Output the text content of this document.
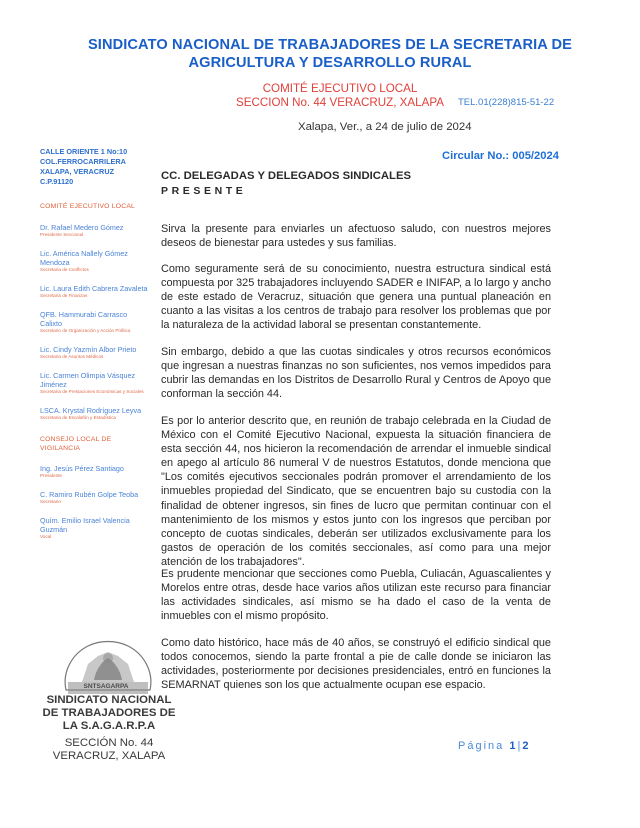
SINDICATO NACIONAL DE TRABAJADORES DE LA SECRETARIA DE AGRICULTURA Y DESARROLLO RURAL
COMITÉ EJECUTIVO LOCAL
SECCION No. 44 VERACRUZ, XALAPA	TEL.01(228)815-51-22
Xalapa, Ver., a 24 de julio de 2024
Circular No.: 005/2024
CALLE ORIENTE 1 No:10
COL.FERROCARRILERA
XALAPA, VERACRUZ
C.P.91120
COMITÉ EJECUTIVO LOCAL
Dr. Rafael Medero Gómez
Presidente Seccional
Lic. América Nallely Gómez Mendoza
Secretaria de Conflictos
Lic. Laura Edith Cabrera Zavaleta
Secretaria de Finanzas
QFB. Hammurabi Carrasco Calixto
Secretario de Organización y Acción Política
Lic. Cindy Yazmín Albor Prieto
Secretaria de Asuntos Médicos
Lic. Carmen Olimpia Vásquez Jiménez
Secretaria de Prestaciones Económicas y Sociales
LSCA. Krystal Rodríguez Leyva
Secretaria de Escalafón y Estadística
CONSEJO LOCAL DE
VIGILANCIA
Ing. Jesús Pérez Santiago
Presidente
C. Ramiro Rubén Golpe Teoba
Secretario
Quím. Emilio Israel Valencia Guzmán
Vocal
CC. DELEGADAS Y DELEGADOS SINDICALES
PRESENTE

Sirva la presente para enviarles un afectuoso saludo, con nuestros mejores deseos de bienestar para ustedes y sus familias.

Como seguramente será de su conocimiento, nuestra estructura sindical está compuesta por 325 trabajadores incluyendo SADER e INIFAP, a lo largo y ancho de este estado de Veracruz, situación que genera una puntual planeación en cuanto a las visitas a los centros de trabajo para resolver los problemas que por la naturaleza de la actividad laboral se presentan constantemente.

Sin embargo, debido a que las cuotas sindicales y otros recursos económicos que ingresan a nuestras finanzas no son suficientes, nos vemos impedidos para cubrir las demandas en los Distritos de Desarrollo Rural y Centros de Apoyo que conforman la sección 44.

Es por lo anterior descrito que, en reunión de trabajo celebrada en la Ciudad de México con el Comité Ejecutivo Nacional, expuesta la situación financiera de esta sección 44, nos hicieron la recomendación de arrendar el inmueble sindical en apego al artículo 86 numeral V de nuestros Estatutos, donde menciona que "Los comités ejecutivos seccionales podrán promover el arrendamiento de los inmuebles propiedad del Sindicato, que se encuentren bajo su custodia con la finalidad de obtener ingresos, sin fines de lucro que permitan continuar con el mantenimiento de los mismos y estos junto con los ingresos que perciban por concepto de cuotas sindicales, deberán ser utilizados exclusivamente para los gastos de operación de los comités seccionales, así como para una mejor atención de los trabajadores".

Es prudente mencionar que secciones como Puebla, Culiacán, Aguascalientes y Morelos entre otras, desde hace varios años utilizan este recurso para financiar las actividades sindicales, así mismo se ha dado el caso de la venta de inmuebles con el mismo propósito.

Como dato histórico, hace más de 40 años, se construyó el edificio sindical que todos conocemos, siendo la parte frontal a pie de calle donde se iniciaron las actividades, posteriormente por decisiones presidenciales, entró en funciones la SEMARNAT quienes son los que actualmente ocupan ese espacio.

SNTSAGARPA
SINDICATO NACIONAL
DE TRABAJADORES DE
LA S.A.G.A.R.P.A
SECCIÓN No. 44
VERACRUZ, XALAPA
Página 1|2
